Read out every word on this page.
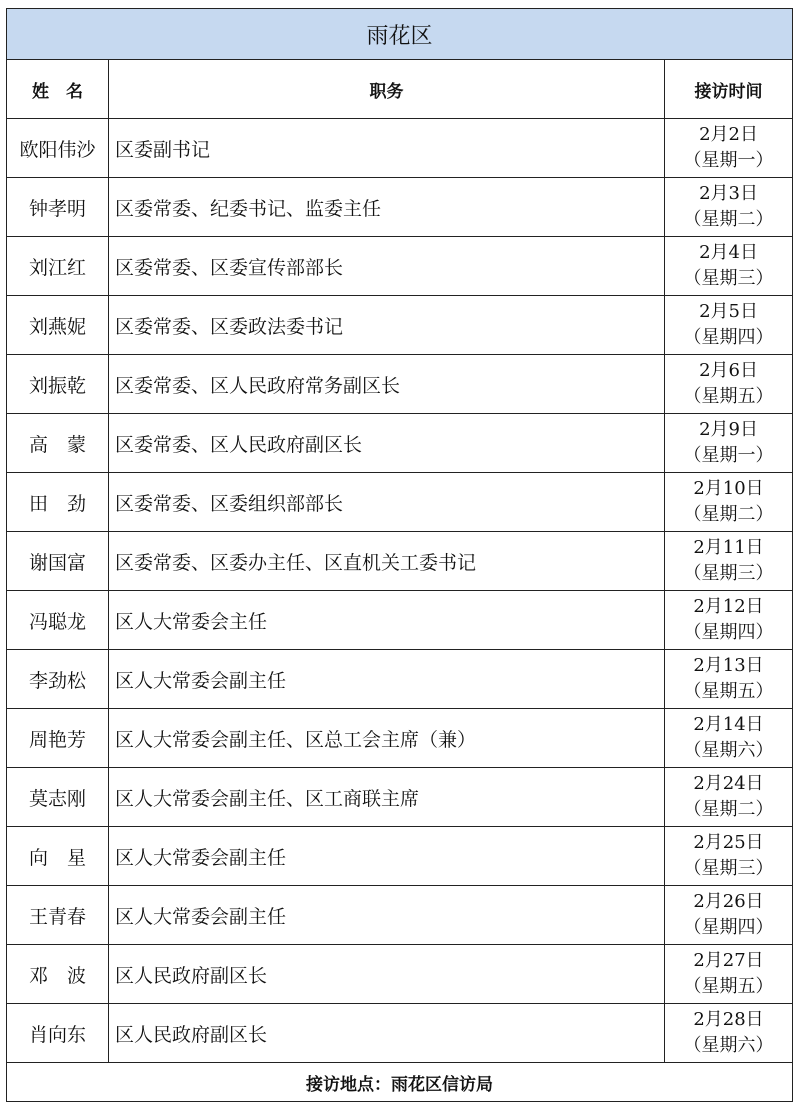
雨花区		
姓　名	职务	接访时间
欧阳伟沙	区委副书记	2月2日
（星期一）

钟孝明	区委常委、纪委书记、监委主任	2月3日
（星期二）

刘江红	区委常委、区委宣传部部长	2月4日
（星期三）

刘燕妮	区委常委、区委政法委书记	2月5日
（星期四）

刘振乾	区委常委、区人民政府常务副区长	2月6日
（星期五）

高　蒙	区委常委、区人民政府副区长	2月9日
（星期一）

田　劲	区委常委、区委组织部部长	2月10日
（星期二）

谢国富	区委常委、区委办主任、区直机关工委书记	2月11日
（星期三）

冯聪龙	区人大常委会主任	2月12日
（星期四）

李劲松	区人大常委会副主任	2月13日
（星期五）

周艳芳	区人大常委会副主任、区总工会主席（兼）	2月14日
（星期六）

莫志刚	区人大常委会副主任、区工商联主席	2月24日
（星期二）

向　星	区人大常委会副主任	2月25日
（星期三）

王青春	区人大常委会副主任	2月26日
（星期四）

邓　波	区人民政府副区长	2月27日
（星期五）

肖向东	区人民政府副区长	2月28日
（星期六）

接访地点：雨花区信访局		
